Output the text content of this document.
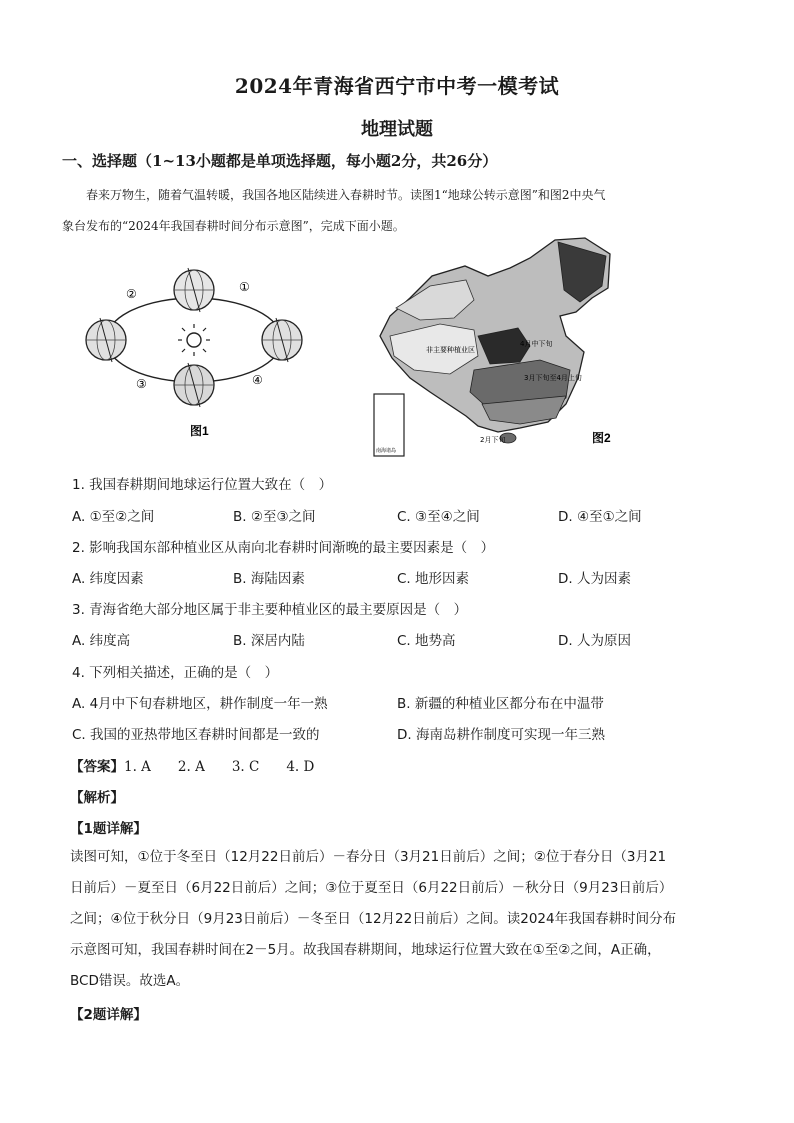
2024年青海省西宁市中考一模考试
地理试题
一、选择题（1~13小题都是单项选择题，每小题2分，共26分）
春来万物生，随着气温转暖，我国各地区陆续进入春耕时节。读图1“地球公转示意图”和图2中央气
象台发布的“2024年我国春耕时间分布示意图”，完成下面小题。
①
②
③	④
图1
非主要种植业区
4月中下旬
3月下旬至4月上旬
2月下旬
南海诸岛
图2
1. 我国春耕期间地球运行位置大致在（　）
A. ①至②之间	B. ②至③之间	C. ③至④之间	D. ④至①之间
2. 影响我国东部种植业区从南向北春耕时间渐晚的最主要因素是（　）
A. 纬度因素	B. 海陆因素	C. 地形因素	D. 人为因素
3. 青海省绝大部分地区属于非主要种植业区的最主要原因是（　）
A. 纬度高	B. 深居内陆	C. 地势高	D. 人为原因
4. 下列相关描述，正确的是（　）
A. 4月中下旬春耕地区，耕作制度一年一熟	B. 新疆的种植业区都分布在中温带
C. 我国的亚热带地区春耕时间都是一致的	D. 海南岛耕作制度可实现一年三熟
【答案】1. A　　2. A　　3. C　　4. D
【解析】
【1题详解】
读图可知，①位于冬至日（12月22日前后）－春分日（3月21日前后）之间；②位于春分日（3月21
日前后）－夏至日（6月22日前后）之间；③位于夏至日（6月22日前后）－秋分日（9月23日前后）
之间；④位于秋分日（9月23日前后）－冬至日（12月22日前后）之间。读2024年我国春耕时间分布
示意图可知，我国春耕时间在2－5月。故我国春耕期间，地球运行位置大致在①至②之间，A正确，
BCD错误。故选A。
【2题详解】
